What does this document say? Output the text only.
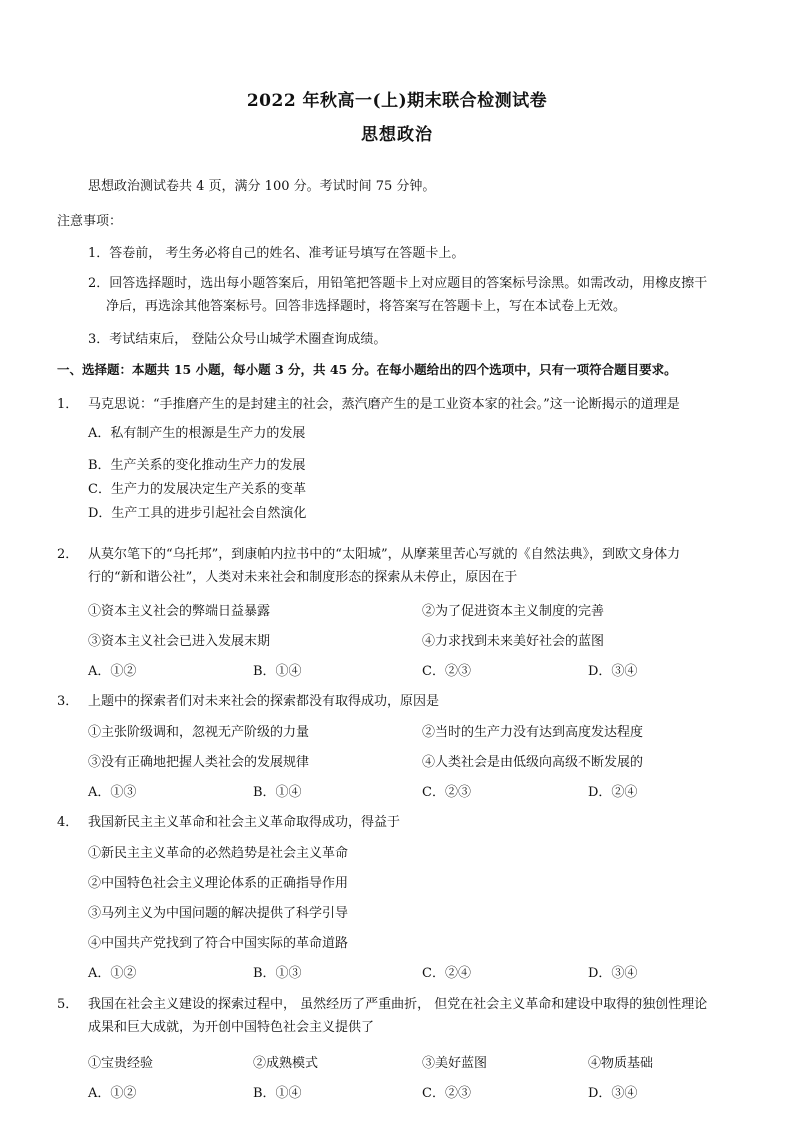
2022 年秋高一(上)期末联合检测试卷
思想政治
思想政治测试卷共 4 页，满分 100 分。考试时间 75 分钟。
注意事项：
1．答卷前， 考生务必将自己的姓名、准考证号填写在答题卡上。
2．回答选择题时，选出每小题答案后，用铅笔把答题卡上对应题目的答案标号涂黑。如需改动，用橡皮擦干
净后，再选涂其他答案标号。回答非选择题时，将答案写在答题卡上，写在本试卷上无效。
3．考试结束后， 登陆公众号山城学术圈查询成绩。
一、选择题：本题共 15 小题，每小题 3 分，共 45 分。在每小题给出的四个选项中，只有一项符合题目要求。
1． 马克思说：“手推磨产生的是封建主的社会，蒸汽磨产生的是工业资本家的社会。”这一论断揭示的道理是
A．私有制产生的根源是生产力的发展
B．生产关系的变化推动生产力的发展
C．生产力的发展决定生产关系的变革
D．生产工具的进步引起社会自然演化
2． 从莫尔笔下的“乌托邦”，到康帕内拉书中的“太阳城”，从摩莱里苦心写就的《自然法典》，到欧文身体力
行的“新和谐公社”，人类对未来社会和制度形态的探索从未停止，原因在于
①资本主义社会的弊端日益暴露	②为了促进资本主义制度的完善
③资本主义社会已进入发展末期	④力求找到未来美好社会的蓝图
A．①②	B．①④	C．②③	D．③④
3． 上题中的探索者们对未来社会的探索都没有取得成功，原因是
①主张阶级调和，忽视无产阶级的力量	②当时的生产力没有达到高度发达程度
③没有正确地把握人类社会的发展规律	④人类社会是由低级向高级不断发展的
A．①③	B．①④	C．②③	D．②④
4． 我国新民主主义革命和社会主义革命取得成功，得益于
①新民主主义革命的必然趋势是社会主义革命
②中国特色社会主义理论体系的正确指导作用
③马列主义为中国问题的解决提供了科学引导
④中国共产党找到了符合中国实际的革命道路
A．①②	B．①③	C．②④	D．③④
5． 我国在社会主义建设的探索过程中， 虽然经历了严重曲折， 但党在社会主义革命和建设中取得的独创性理论
成果和巨大成就，为开创中国特色社会主义提供了
①宝贵经验	②成熟模式	③美好蓝图	④物质基础
A．①②	B．①④	C．②③	D．③④
